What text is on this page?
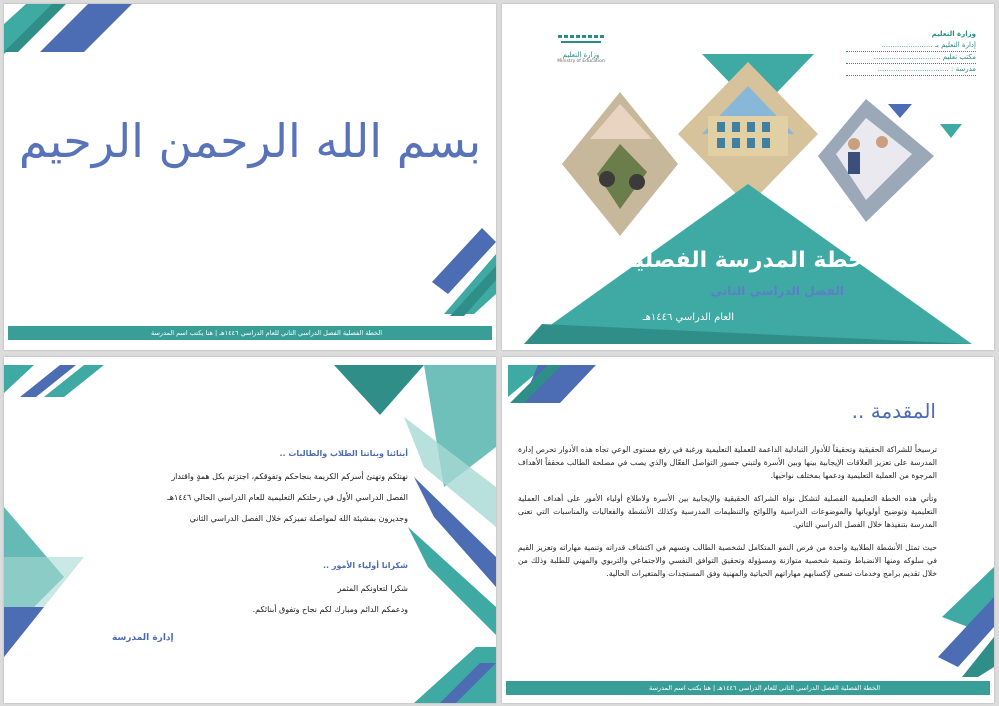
وزارة التعليم
إدارة التعليم بـ .......................
مكتب تعليم ..............................
مدرسة : ................................
وزارة التعليم
Ministry of Education
خطة المدرسة الفصلية
الفصل الدراسي الثاني
العام الدراسي ١٤٤٦هـ
بسم الله الرحمن الرحيم
الخطة الفصلية الفصل الدراسي الثاني للعام الدراسي ١٤٤٦هـ | هنا يكتب اسم المدرسة
المقدمة ..

ترسيخاً للشراكة الحقيقية وتحقيقاً للأدوار التبادلية الداعمة للعملية التعليمية ورغبة في رفع مستوى الوعي تجاه هذه الأدوار تحرص إدارة المدرسة على تعزيز العلاقات الإيجابية بينها وبين الأسرة ولتبني جسور التواصل الفعّال والذي يصب في مصلحة الطالب محققاً الأهداف المرجوة من العملية التعليمية ودعمها بمختلف نواحيها.

وتأتي هذه الخطة التعليمية الفصلية لتشكل نواة الشراكة الحقيقية والإيجابية بين الأسرة ولاطلاع أولياء الأمور على أهداف العملية التعليمية وتوضيح أولوياتها والموضوعات الدراسية واللوائح والتنظيمات المدرسية وكذلك الأنشطة والفعاليات والمناسبات التي تعنى المدرسة بتنفيذها خلال الفصل الدراسي الثاني.

حيث تمثل الأنشطة الطلابية واحدة من فرص النمو المتكامل لشخصية الطالب وتسهم في اكتشاف قدراته وتنمية مهاراته وتعزيز القيم في سلوكه ومنها الانضباط وتنمية شخصية متوازنة ومسؤولة وتحقيق التوافق النفسي والاجتماعي والتربوي والمهني للطلبة وذلك من خلال تقديم برامج وخدمات تسعى لإكسابهم مهاراتهم الحياتية والمهنية وفق المستجدات والمتغيرات الحالية.

الخطة الفصلية الفصل الدراسي الثاني للعام الدراسي ١٤٤٦هـ | هنا يكتب اسم المدرسة
أبنائنا وبناتنا الطلاب والطالبات ..
نهنئكم ونهنئ أسركم الكريمة بنجاحكم وتفوقكم، اجتزتم بكل همةٍ واقتدار
الفصل الدراسي الأول في رحلتكم التعليمية للعام الدراسي الحالي ١٤٤٦هـ
وجديرون بمشيئة الله لمواصلة تميزكم خلال الفصل الدراسي الثاني
شكرانا أولياء الأمور ..
شكرا لتعاونكم المثمر
ودعمكم الدائم ومبارك لكم نجاح وتفوق أبنائكم.
إدارة المدرسة
